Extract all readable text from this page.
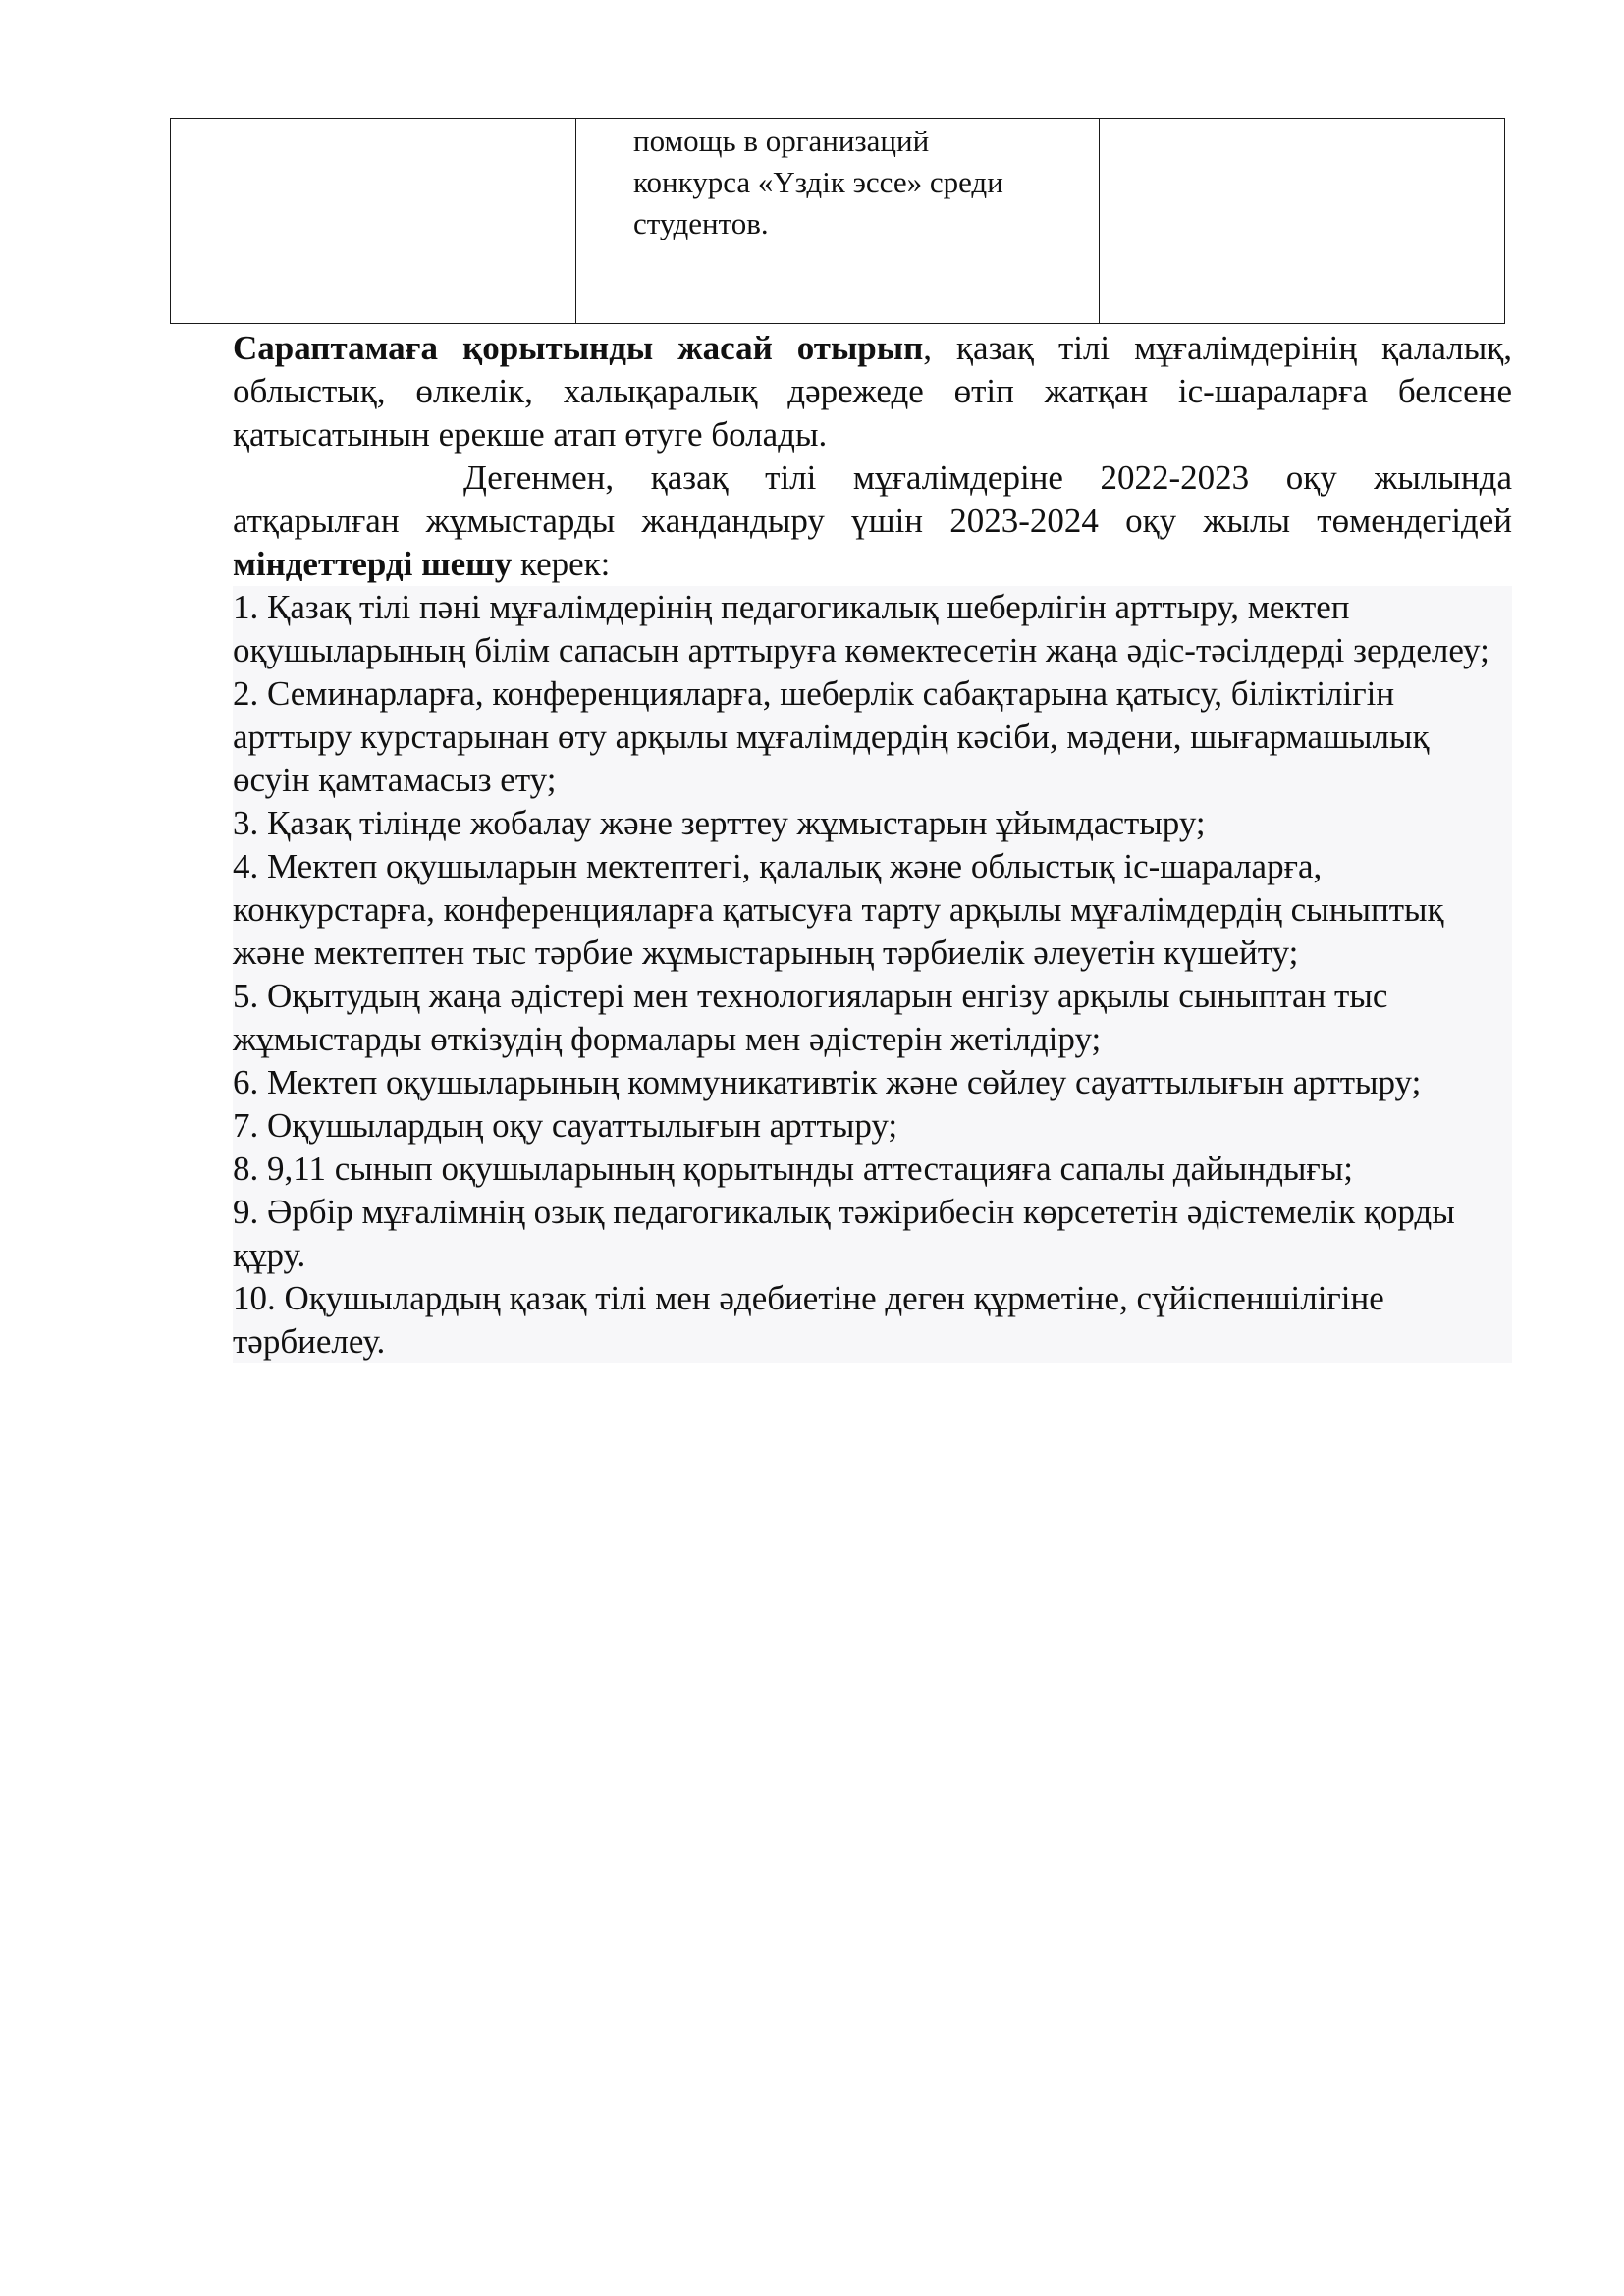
помощь в организаций
конкурса «Үздік эссе» среди
студентов.

Сараптамаға қорытынды жасай отырып, қазақ тілі мұғалімдерінің қалалық, облыстық, өлкелік, халықаралық дәрежеде өтіп жатқан іс-шараларға белсене қатысатынын ерекше атап өтуге болады.

Дегенмен, қазақ тілі мұғалімдеріне 2022-2023 оқу жылында атқарылған жұмыстарды жандандыру үшін 2023-2024 оқу жылы төмендегідей міндеттерді шешу керек:

1. Қазақ тілі пәні мұғалімдерінің педагогикалық шеберлігін арттыру, мектеп оқушыларының білім сапасын арттыруға көмектесетін жаңа әдіс-тәсілдерді зерделеу;

2. Семинарларға, конференцияларға, шеберлік сабақтарына қатысу, біліктілігін арттыру курстарынан өту арқылы мұғалімдердің кәсіби, мәдени, шығармашылық өсуін қамтамасыз ету;

3. Қазақ тілінде жобалау және зерттеу жұмыстарын ұйымдастыру;

4. Мектеп оқушыларын мектептегі, қалалық және облыстық іс-шараларға, конкурстарға, конференцияларға қатысуға тарту арқылы мұғалімдердің сыныптық және мектептен тыс тәрбие жұмыстарының тәрбиелік әлеуетін күшейту;

5. Оқытудың жаңа әдістері мен технологияларын енгізу арқылы сыныптан тыс жұмыстарды өткізудің формалары мен әдістерін жетілдіру;

6. Мектеп оқушыларының коммуникативтік және сөйлеу сауаттылығын арттыру;

7. Оқушылардың оқу сауаттылығын арттыру;

8. 9,11 сынып оқушыларының қорытынды аттестацияға сапалы дайындығы;

9. Әрбір мұғалімнің озық педагогикалық тәжірибесін көрсететін әдістемелік қорды құру.

10. Оқушылардың қазақ тілі мен әдебиетіне деген құрметіне, сүйіспеншілігіне тәрбиелеу.
